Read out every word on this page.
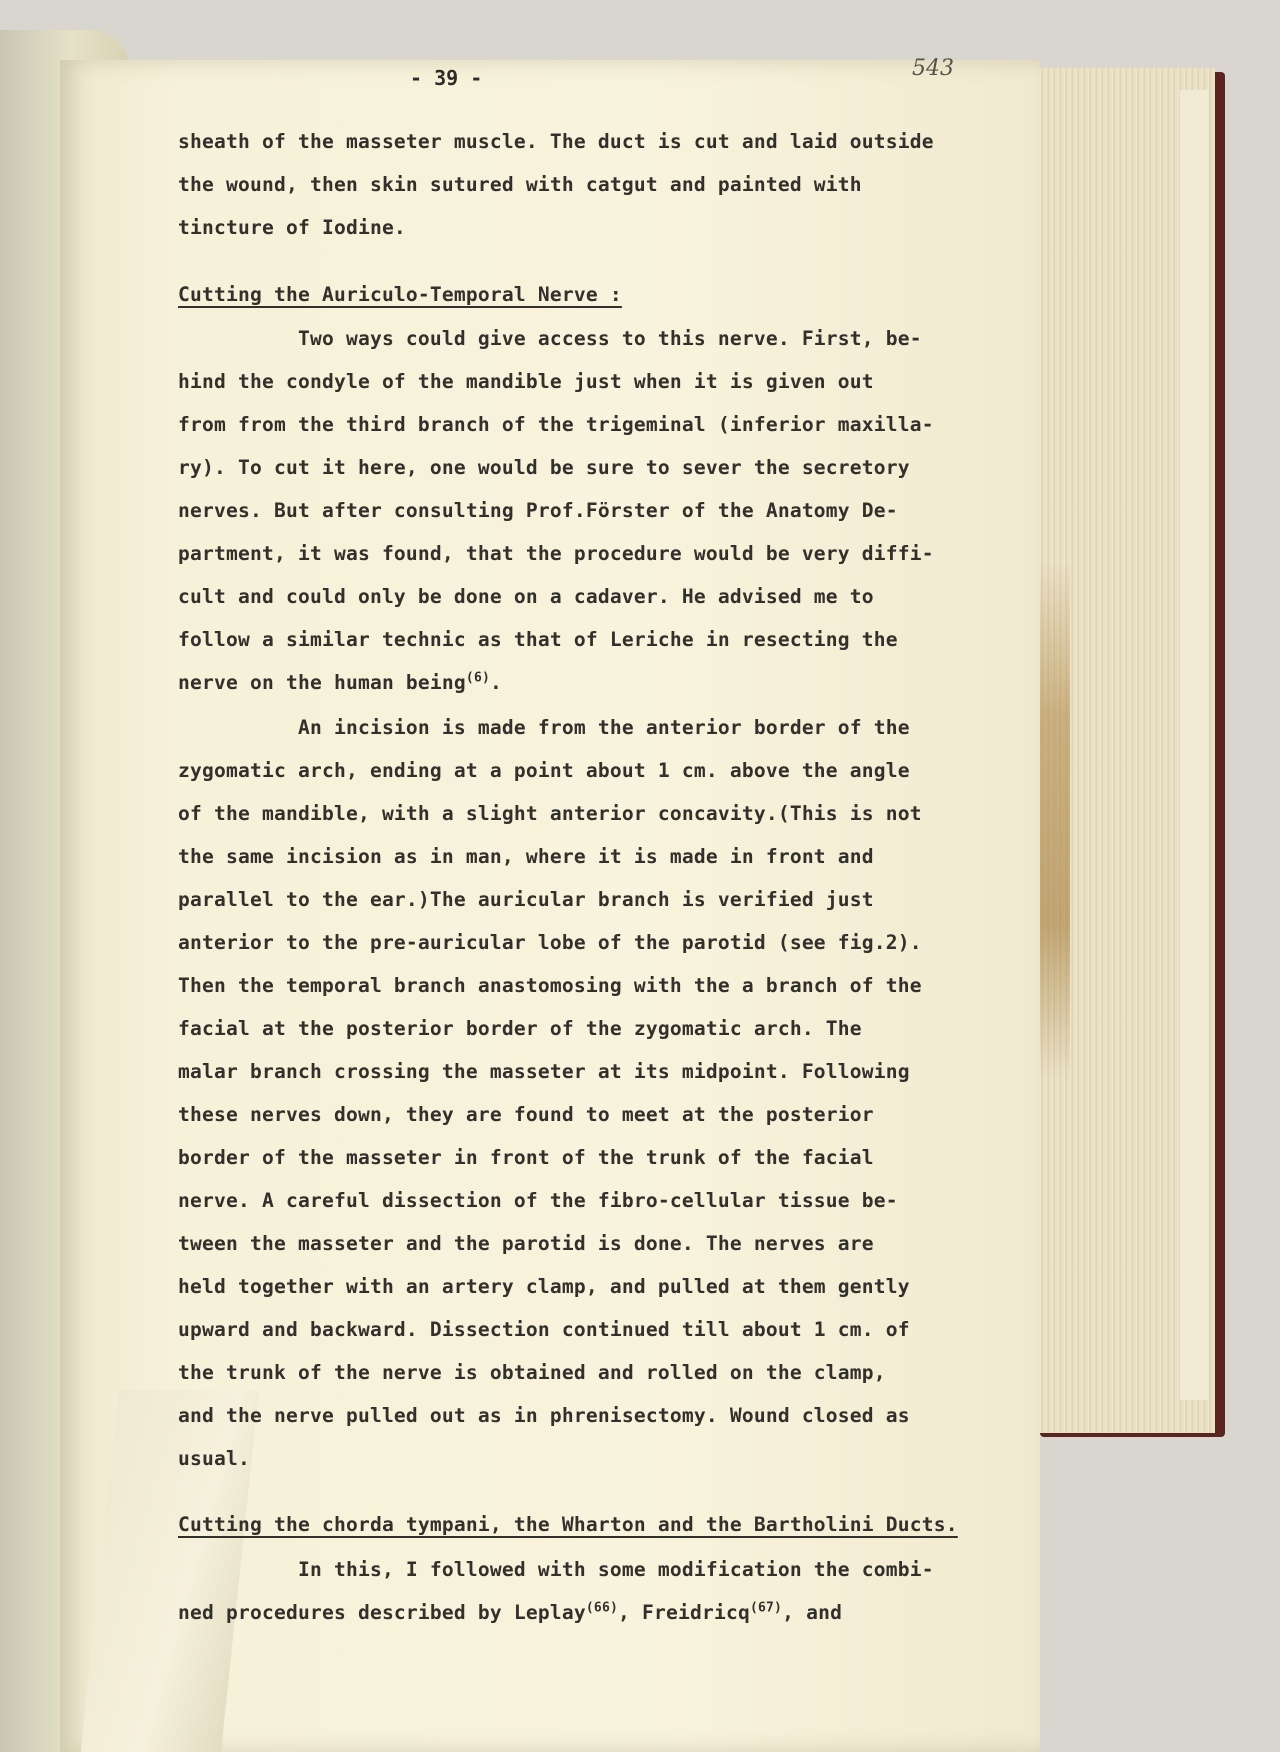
- 39 -	543
sheath of the masseter muscle. The duct is cut and laid outside
the wound, then skin sutured with catgut and painted with
tincture of Iodine.
Cutting the Auriculo-Temporal Nerve :
Two ways could give access to this nerve. First, be-
hind the condyle of the mandible just when it is given out
from from the third branch of the trigeminal (inferior maxilla-
ry). To cut it here, one would be sure to sever the secretory
nerves. But after consulting Prof.Förster of the Anatomy De-
partment, it was found, that the procedure would be very diffi-
cult and could only be done on a cadaver. He advised me to
follow a similar technic as that of Leriche in resecting the
nerve on the human being$^{(6)}$.
An incision is made from the anterior border of the
zygomatic arch, ending at a point about 1 cm. above the angle
of the mandible, with a slight anterior concavity.(This is not
the same incision as in man, where it is made in front and
parallel to the ear.)The auricular branch is verified just
anterior to the pre-auricular lobe of the parotid (see fig.2).
Then the temporal branch anastomosing with the a branch of the
facial at the posterior border of the zygomatic arch. The
malar branch crossing the masseter at its midpoint. Following
these nerves down, they are found to meet at the posterior
border of the masseter in front of the trunk of the facial
nerve. A careful dissection of the fibro-cellular tissue be-
tween the masseter and the parotid is done. The nerves are
held together with an artery clamp, and pulled at them gently
upward and backward. Dissection continued till about 1 cm. of
the trunk of the nerve is obtained and rolled on the clamp,
and the nerve pulled out as in phrenisectomy. Wound closed as
usual.
Cutting the chorda tympani, the Wharton and the Bartholini Ducts.
In this, I followed with some modification the combi-
ned procedures described by Leplay$^{(66)}$, Freidricq$^{(67)}$, and
